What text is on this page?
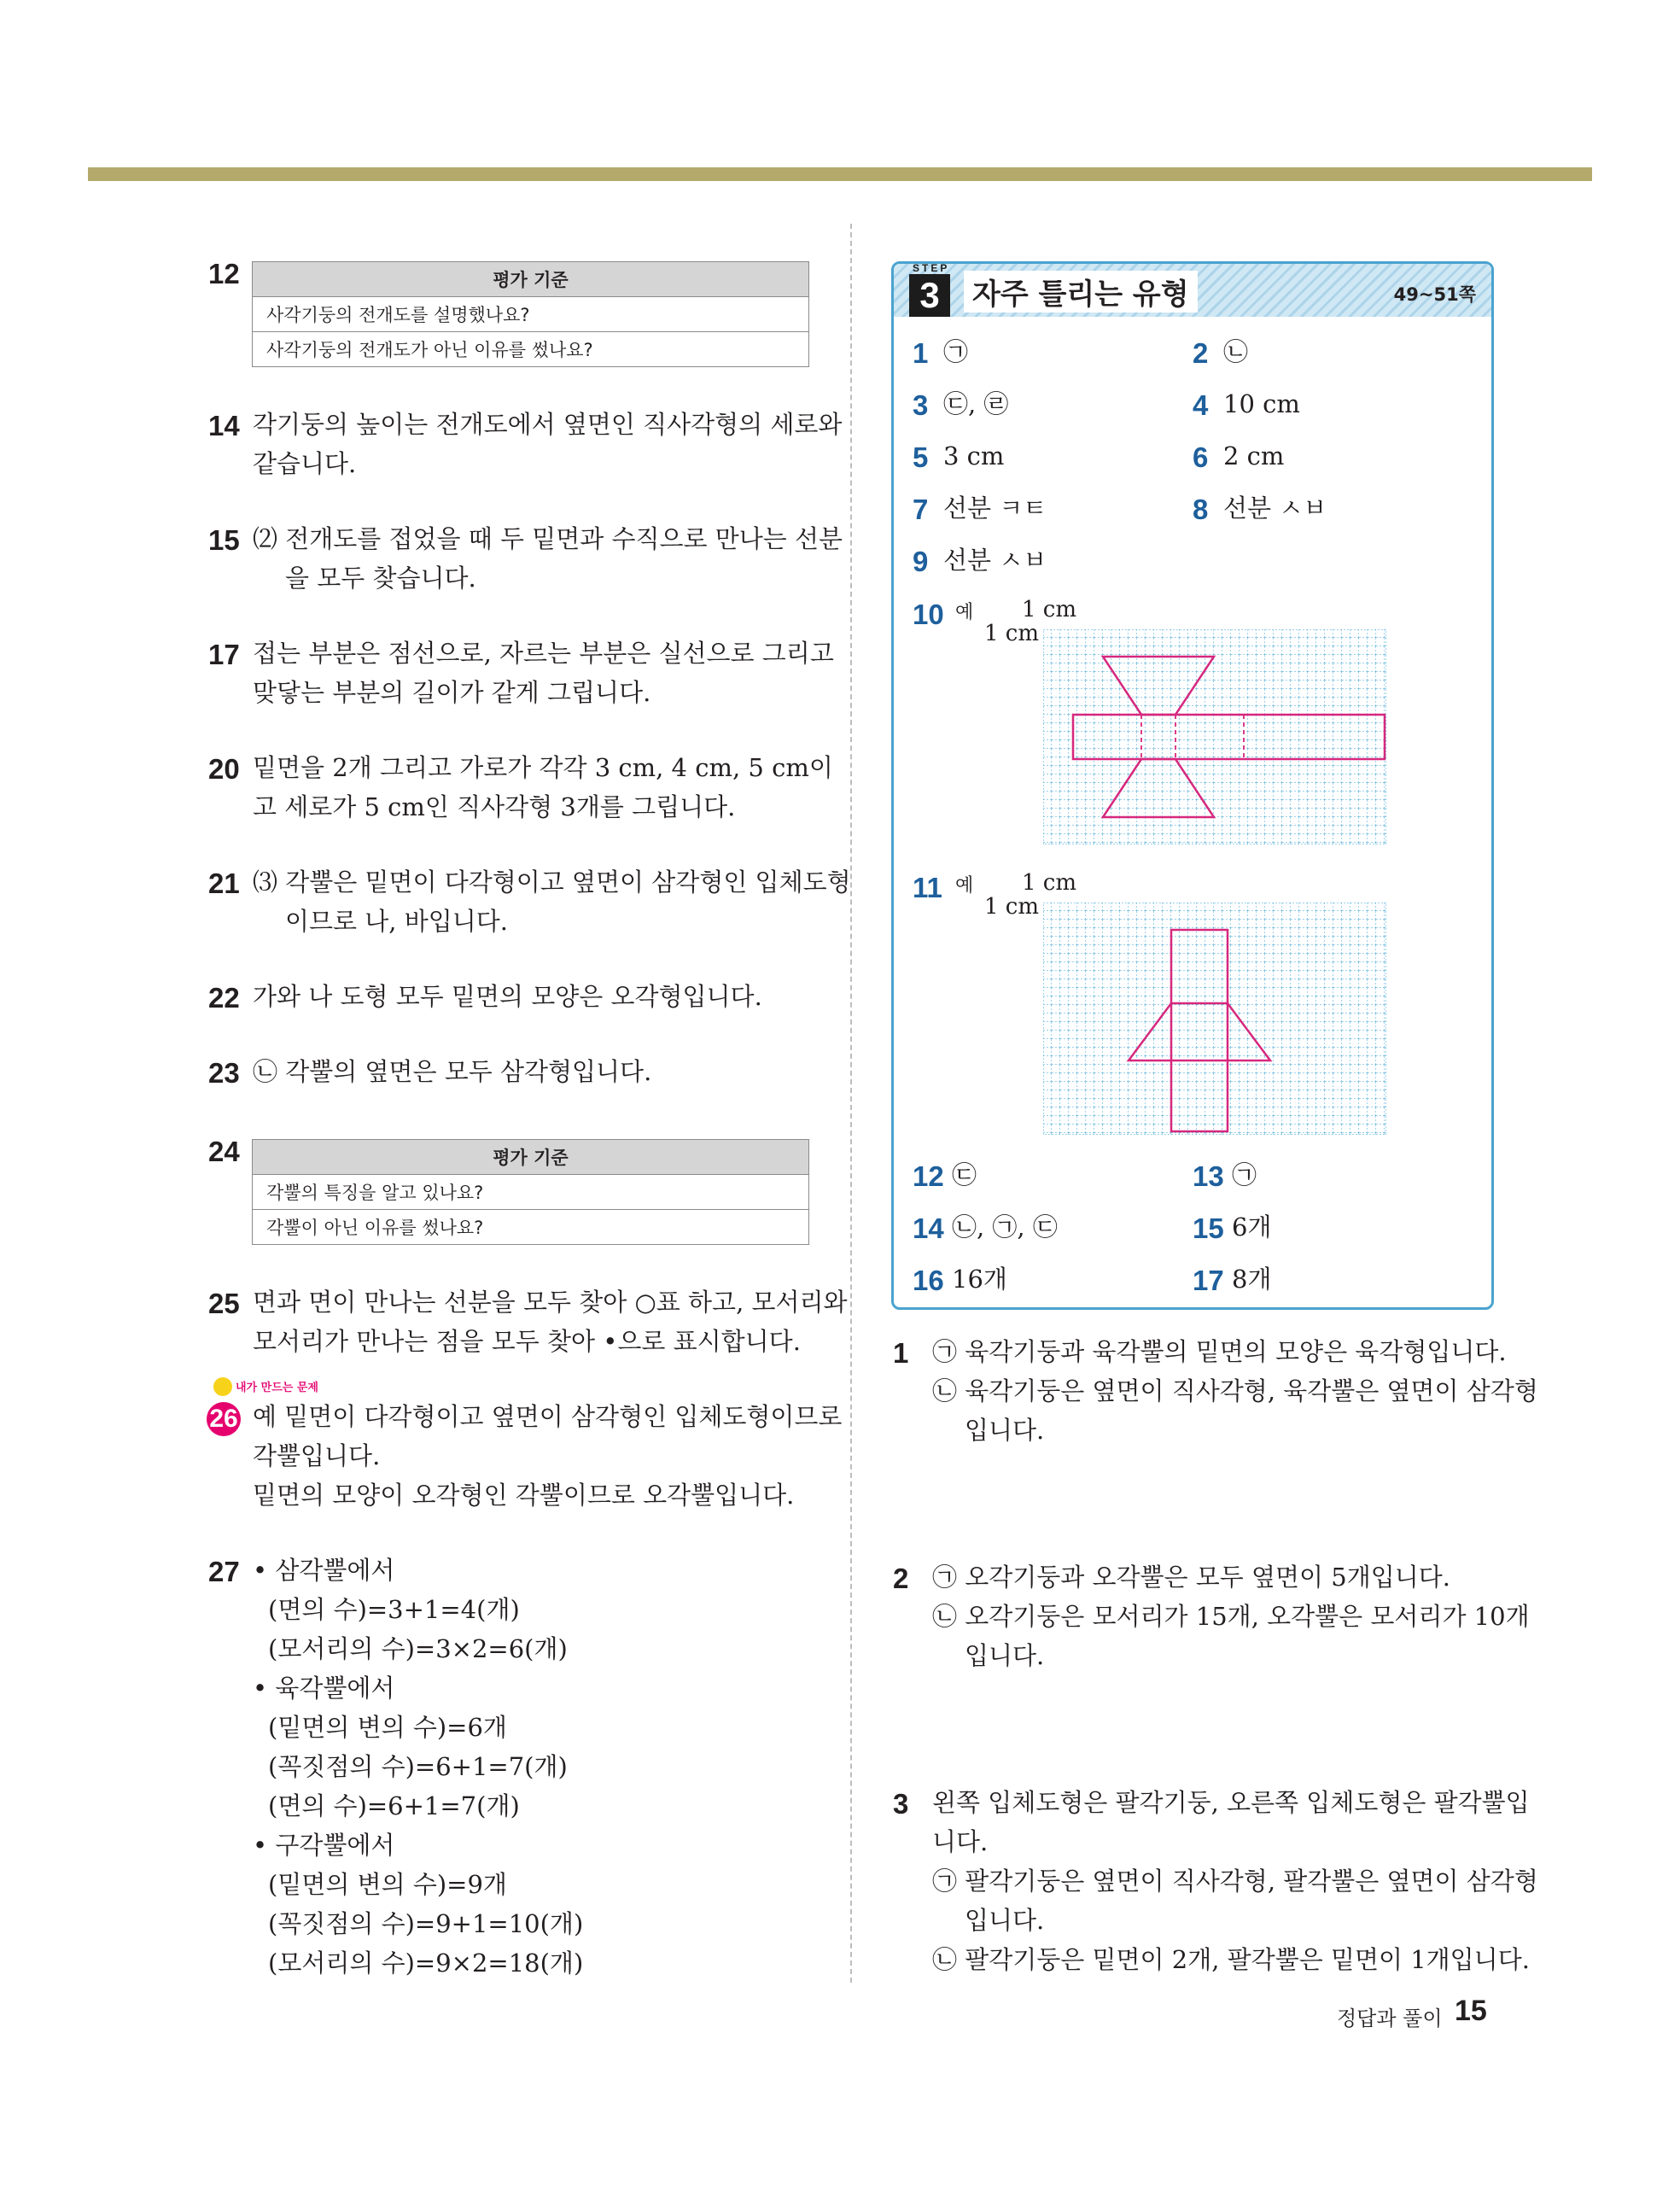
12	평가 기준
사각기둥의 전개도를 설명했나요?
사각기둥의 전개도가 아닌 이유를 썼나요?
14 각기둥의 높이는 전개도에서 옆면인 직사각형의 세로와
같습니다.
15 ⑵ 전개도를 접었을 때 두 밑면과 수직으로 만나는 선분
을 모두 찾습니다.
17 접는 부분은 점선으로, 자르는 부분은 실선으로 그리고
맞닿는 부분의 길이가 같게 그립니다.
20 밑면을 2개 그리고 가로가 각각 3 cm, 4 cm, 5 cm이
고 세로가 5 cm인 직사각형 3개를 그립니다.
21 ⑶ 각뿔은 밑면이 다각형이고 옆면이 삼각형인 입체도형
이므로 나, 바입니다.
22 가와 나 도형 모두 밑면의 모양은 오각형입니다.
23 ㉡ 각뿔의 옆면은 모두 삼각형입니다.
24	평가 기준
각뿔의 특징을 알고 있나요?
각뿔이 아닌 이유를 썼나요?
25 면과 면이 만나는 선분을 모두 찾아 ○표 하고, 모서리와
모서리가 만나는 점을 모두 찾아 •으로 표시합니다.
내가 만드는 문제
26 예 밑면이 다각형이고 옆면이 삼각형인 입체도형이므로
각뿔입니다.
밑면의 모양이 오각형인 각뿔이므로 오각뿔입니다.
27 • 삼각뿔에서
(면의 수)=3+1=4(개)
(모서리의 수)=3×2=6(개)
• 육각뿔에서
(밑면의 변의 수)=6개
(꼭짓점의 수)=6+1=7(개)
(면의 수)=6+1=7(개)
• 구각뿔에서
(밑면의 변의 수)=9개
(꼭짓점의 수)=9+1=10(개)
(모서리의 수)=9×2=18(개)
STEP
3	자주 틀리는 유형	49~51쪽
1 ㉠	2 ㉡
3 ㉢, ㉣	4 10 cm
5 3 cm	6 2 cm
7 선분 ㅋㅌ	8 선분 ㅅㅂ
9 선분 ㅅㅂ
10 예 1 cm
1 cm
11 예 1 cm
1 cm
12 ㉢	13 ㉠
14 ㉡, ㉠, ㉢	15 6개
16 16개	17 8개
1 ㉠ 육각기둥과 육각뿔의 밑면의 모양은 육각형입니다.
㉡ 육각기둥은 옆면이 직사각형, 육각뿔은 옆면이 삼각형
입니다.
2 ㉠ 오각기둥과 오각뿔은 모두 옆면이 5개입니다.
㉡ 오각기둥은 모서리가 15개, 오각뿔은 모서리가 10개
입니다.
3 왼쪽 입체도형은 팔각기둥, 오른쪽 입체도형은 팔각뿔입
니다.
㉠ 팔각기둥은 옆면이 직사각형, 팔각뿔은 옆면이 삼각형
입니다.
㉡ 팔각기둥은 밑면이 2개, 팔각뿔은 밑면이 1개입니다.
정답과 풀이 15
